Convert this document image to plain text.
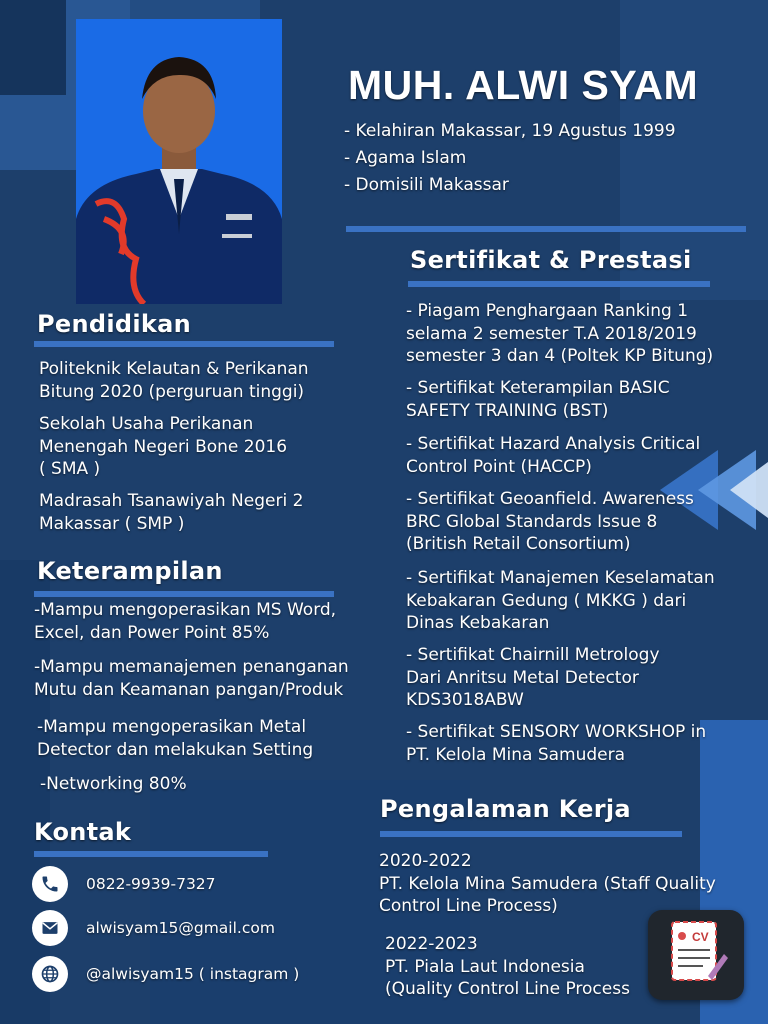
MUH. ALWI SYAM
- Kelahiran Makassar, 19 Agustus 1999
- Agama Islam
- Domisili Makassar
Pendidikan

Politeknik Kelautan & Perikanan

Bitung 2020 (perguruan tinggi)

Sekolah Usaha Perikanan

Menengah Negeri Bone 2016

( SMA )

Madrasah Tsanawiyah Negeri 2

Makassar ( SMP )

Keterampilan

-Mampu mengoperasikan MS Word,

Excel, dan Power Point 85%

-Mampu memanajemen penanganan

Mutu dan Keamanan pangan/Produk

-Mampu mengoperasikan Metal

Detector dan melakukan Setting

-Networking 80%

Kontak
0822-9939-7327
alwisyam15@gmail.com
@alwisyam15 ( instagram )
Sertifikat & Prestasi

- Piagam Penghargaan Ranking 1

selama 2 semester T.A 2018/2019

semester 3 dan 4 (Poltek KP Bitung)

- Sertifikat Keterampilan BASIC

SAFETY TRAINING (BST)

- Sertifikat Hazard Analysis Critical

Control Point (HACCP)

- Sertifikat Geoanfield. Awareness

BRC Global Standards Issue 8

(British Retail Consortium)

- Sertifikat Manajemen Keselamatan

Kebakaran Gedung ( MKKG ) dari

Dinas Kebakaran

- Sertifikat Chairnill Metrology

Dari Anritsu Metal Detector

KDS3018ABW

- Sertifikat SENSORY WORKSHOP in

PT. Kelola Mina Samudera

Pengalaman Kerja

2020-2022

PT. Kelola Mina Samudera (Staff Quality

Control Line Process)

2022-2023

PT. Piala Laut Indonesia

(Quality Control Line Process

CV
